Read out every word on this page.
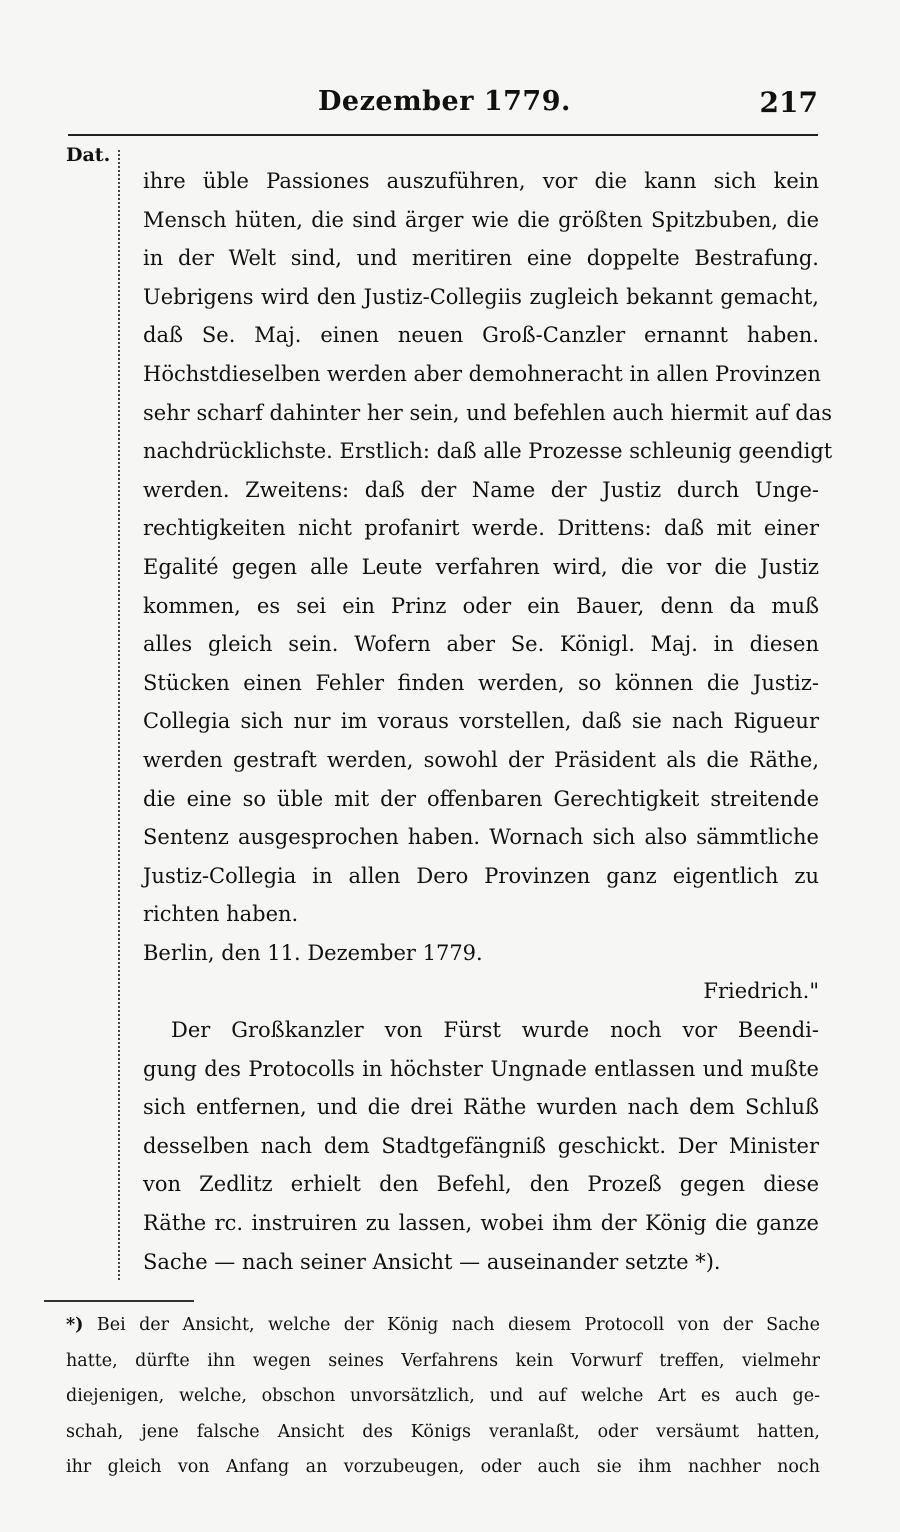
Dezember 1779.	217
Dat.
ihre üble Passiones auszuführen, vor die kann sich kein
Mensch hüten, die sind ärger wie die größten Spitzbuben, die
in der Welt sind, und meritiren eine doppelte Bestrafung.
Uebrigens wird den Justiz-Collegiis zugleich bekannt gemacht,
daß Se. Maj. einen neuen Groß-Canzler ernannt haben.
Höchstdieselben werden aber demohneracht in allen Provinzen
sehr scharf dahinter her sein, und befehlen auch hiermit auf das
nachdrücklichste. Erstlich: daß alle Prozesse schleunig geendigt
werden. Zweitens: daß der Name der Justiz durch Unge-
rechtigkeiten nicht profanirt werde. Drittens: daß mit einer
Egalité gegen alle Leute verfahren wird, die vor die Justiz
kommen, es sei ein Prinz oder ein Bauer, denn da muß
alles gleich sein. Wofern aber Se. Königl. Maj. in diesen
Stücken einen Fehler finden werden, so können die Justiz-
Collegia sich nur im voraus vorstellen, daß sie nach Rigueur
werden gestraft werden, sowohl der Präsident als die Räthe,
die eine so üble mit der offenbaren Gerechtigkeit streitende
Sentenz ausgesprochen haben. Wornach sich also sämmtliche
Justiz-Collegia in allen Dero Provinzen ganz eigentlich zu
richten haben.
Berlin, den 11. Dezember 1779.
Friedrich."
Der Großkanzler von Fürst wurde noch vor Beendi-
gung des Protocolls in höchster Ungnade entlassen und mußte
sich entfernen, und die drei Räthe wurden nach dem Schluß
desselben nach dem Stadtgefängniß geschickt. Der Minister
von Zedlitz erhielt den Befehl, den Prozeß gegen diese
Räthe rc. instruiren zu lassen, wobei ihm der König die ganze
Sache — nach seiner Ansicht — auseinander setzte *).
*) Bei der Ansicht, welche der König nach diesem Protocoll von der Sache
hatte, dürfte ihn wegen seines Verfahrens kein Vorwurf treffen, vielmehr
diejenigen, welche, obschon unvorsätzlich, und auf welche Art es auch ge-
schah, jene falsche Ansicht des Königs veranlaßt, oder versäumt hatten,
ihr gleich von Anfang an vorzubeugen, oder auch sie ihm nachher noch
